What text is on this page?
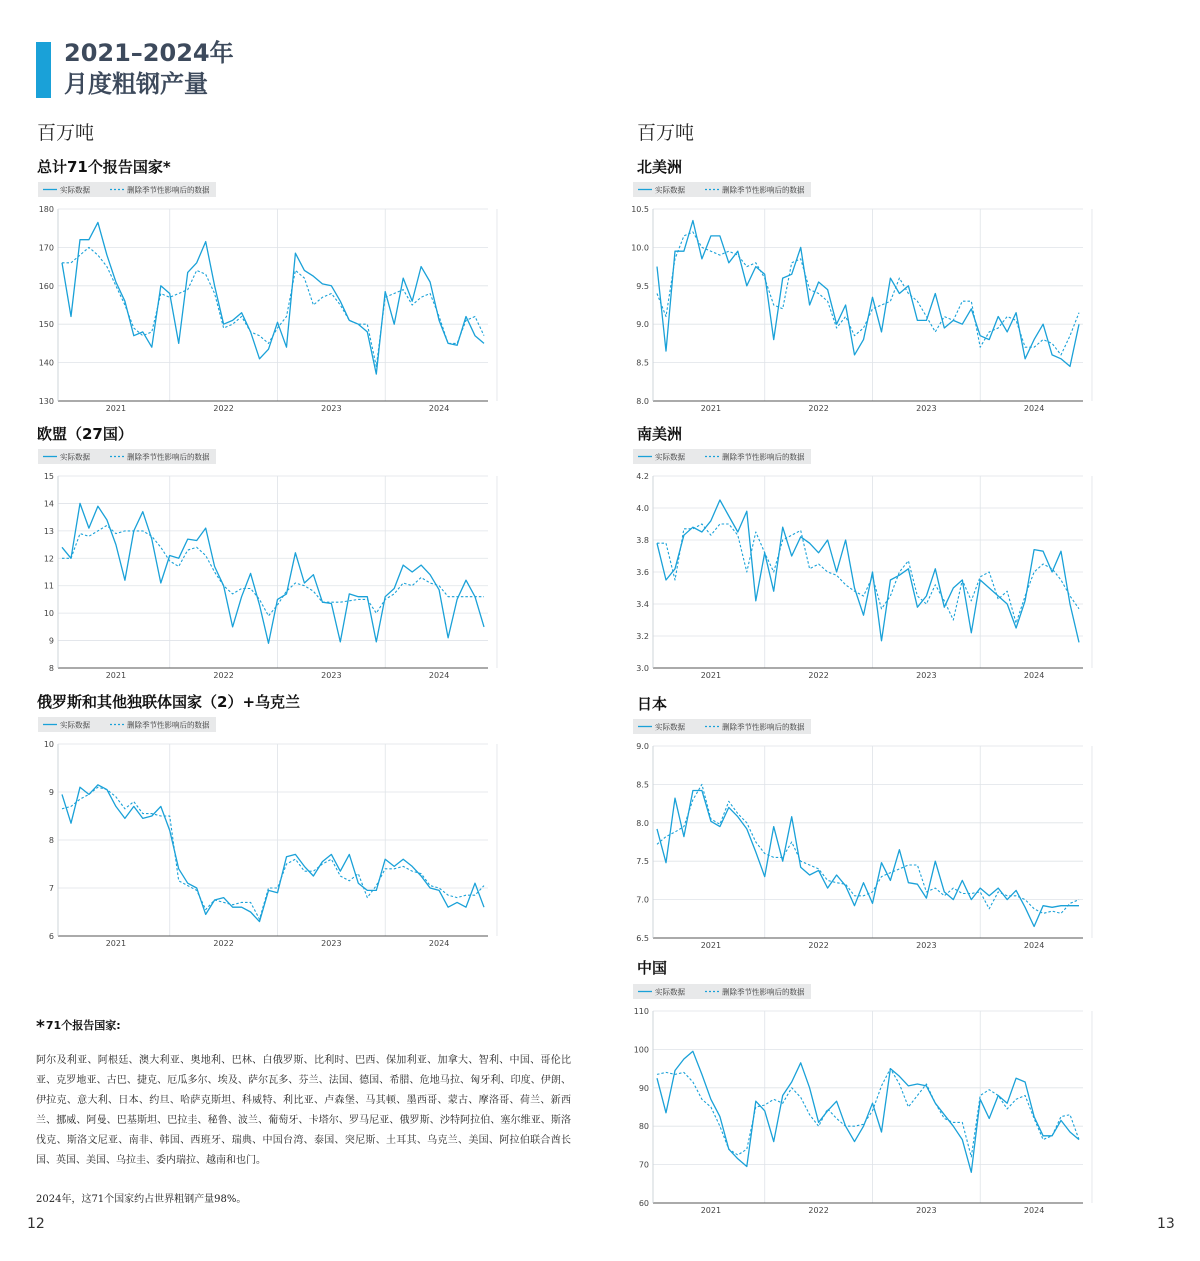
2021–2024年
月度粗钢产量
百万吨	百万吨
总计71个报告国家*
欧盟（27国）
俄罗斯和其他独联体国家（2）+乌克兰
北美洲
南美洲
日本
中国
实际数据	删除季节性影响后的数据
130
140
150
160
170
180
2021	2022	2023	2024
实际数据	删除季节性影响后的数据
8
9
10
11
12
13
14
15
2021	2022	2023	2024
实际数据	删除季节性影响后的数据
6
7
8
9
10
2021	2022	2023	2024
实际数据	删除季节性影响后的数据
8.0
8.5
9.0
9.5
10.0
10.5
2021	2022	2023	2024
实际数据	删除季节性影响后的数据
3.0
3.2
3.4
3.6
3.8
4.0
4.2
2021	2022	2023	2024
实际数据	删除季节性影响后的数据
6.5
7.0
7.5
8.0
8.5
9.0
2021	2022	2023	2024
实际数据	删除季节性影响后的数据
60
70
80
90
100
110
2021	2022	2023	2024
*71个报告国家:
阿尔及利亚、阿根廷、澳大利亚、奥地利、巴林、白俄罗斯、比利时、巴西、保加利亚、加拿大、智利、中国、哥伦比亚、克罗地亚、古巴、捷克、厄瓜多尔、埃及、萨尔瓦多、芬兰、法国、德国、希腊、危地马拉、匈牙利、印度、伊朗、伊拉克、意大利、日本、约旦、哈萨克斯坦、科威特、利比亚、卢森堡、马其顿、墨西哥、蒙古、摩洛哥、荷兰、新西兰、挪威、阿曼、巴基斯坦、巴拉圭、秘鲁、波兰、葡萄牙、卡塔尔、罗马尼亚、俄罗斯、沙特阿拉伯、塞尔维亚、斯洛伐克、斯洛文尼亚、南非、韩国、西班牙、瑞典、中国台湾、泰国、突尼斯、土耳其、乌克兰、美国、阿拉伯联合酋长国、英国、美国、乌拉圭、委内瑞拉、越南和也门。
2024年，这71个国家约占世界粗钢产量98%。
12	13
